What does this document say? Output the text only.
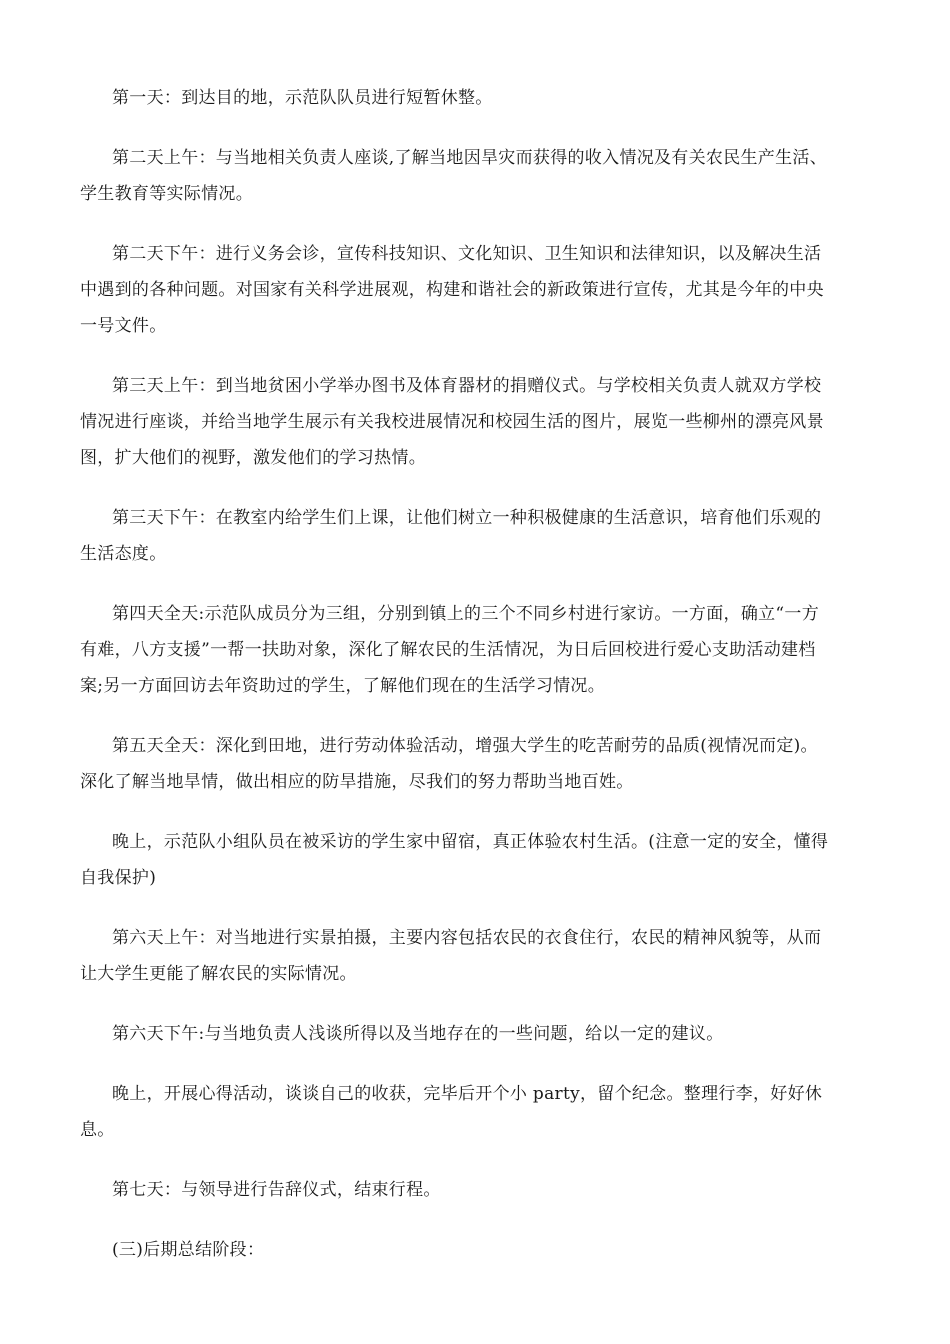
第一天：到达目的地，示范队队员进行短暂休整。

第二天上午：与当地相关负责人座谈,了解当地因旱灾而获得的收入情况及有关农民生产生活、
学生教育等实际情况。

第二天下午：进行义务会诊，宣传科技知识、文化知识、卫生知识和法律知识，以及解决生活
中遇到的各种问题。对国家有关科学进展观，构建和谐社会的新政策进行宣传，尤其是今年的中央
一号文件。

第三天上午：到当地贫困小学举办图书及体育器材的捐赠仪式。与学校相关负责人就双方学校
情况进行座谈，并给当地学生展示有关我校进展情况和校园生活的图片，展览一些柳州的漂亮风景
图，扩大他们的视野，激发他们的学习热情。

第三天下午：在教室内给学生们上课，让他们树立一种积极健康的生活意识，培育他们乐观的
生活态度。

第四天全天:示范队成员分为三组，分别到镇上的三个不同乡村进行家访。一方面，确立“一方
有难，八方支援”一帮一扶助对象，深化了解农民的生活情况，为日后回校进行爱心支助活动建档
案;另一方面回访去年资助过的学生，了解他们现在的生活学习情况。

第五天全天：深化到田地，进行劳动体验活动，增强大学生的吃苦耐劳的品质(视情况而定)。
深化了解当地旱情，做出相应的防旱措施，尽我们的努力帮助当地百姓。

晚上，示范队小组队员在被采访的学生家中留宿，真正体验农村生活。(注意一定的安全，懂得
自我保护)

第六天上午：对当地进行实景拍摄，主要内容包括农民的衣食住行，农民的精神风貌等，从而
让大学生更能了解农民的实际情况。

第六天下午:与当地负责人浅谈所得以及当地存在的一些问题，给以一定的建议。

晚上，开展心得活动，谈谈自己的收获，完毕后开个小 party，留个纪念。整理行李，好好休
息。

第七天：与领导进行告辞仪式，结束行程。

(三)后期总结阶段：
